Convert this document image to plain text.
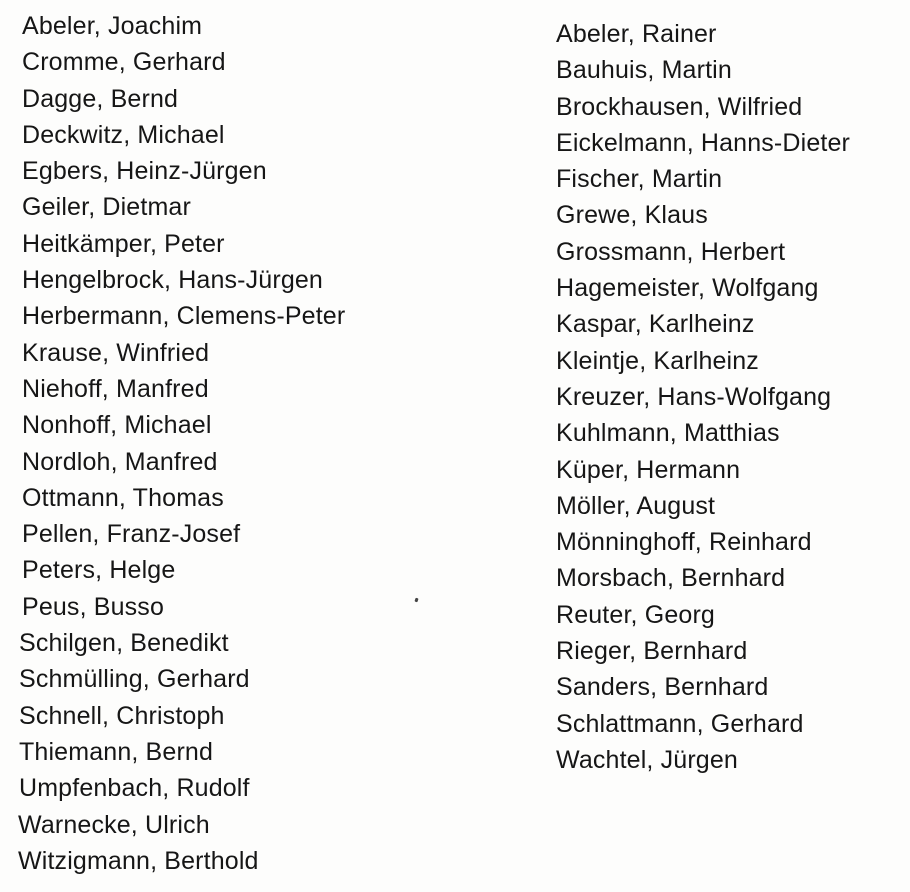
Abeler, Joachim
Cromme, Gerhard
Dagge, Bernd
Deckwitz, Michael
Egbers, Heinz-Jürgen
Geiler, Dietmar
Heitkämper, Peter
Hengelbrock, Hans-Jürgen
Herbermann, Clemens-Peter
Krause, Winfried
Niehoff, Manfred
Nonhoff, Michael
Nordloh, Manfred
Ottmann, Thomas
Pellen, Franz-Josef
Peters, Helge
Peus, Busso
Schilgen, Benedikt
Schmülling, Gerhard
Schnell, Christoph
Thiemann, Bernd
Umpfenbach, Rudolf
Warnecke, Ulrich
Witzigmann, Berthold
Abeler, Rainer
Bauhuis, Martin
Brockhausen, Wilfried
Eickelmann, Hanns-Dieter
Fischer, Martin
Grewe, Klaus
Grossmann, Herbert
Hagemeister, Wolfgang
Kaspar, Karlheinz
Kleintje, Karlheinz
Kreuzer, Hans-Wolfgang
Kuhlmann, Matthias
Küper, Hermann
Möller, August
Mönninghoff, Reinhard
Morsbach, Bernhard
Reuter, Georg
Rieger, Bernhard
Sanders, Bernhard
Schlattmann, Gerhard
Wachtel, Jürgen
